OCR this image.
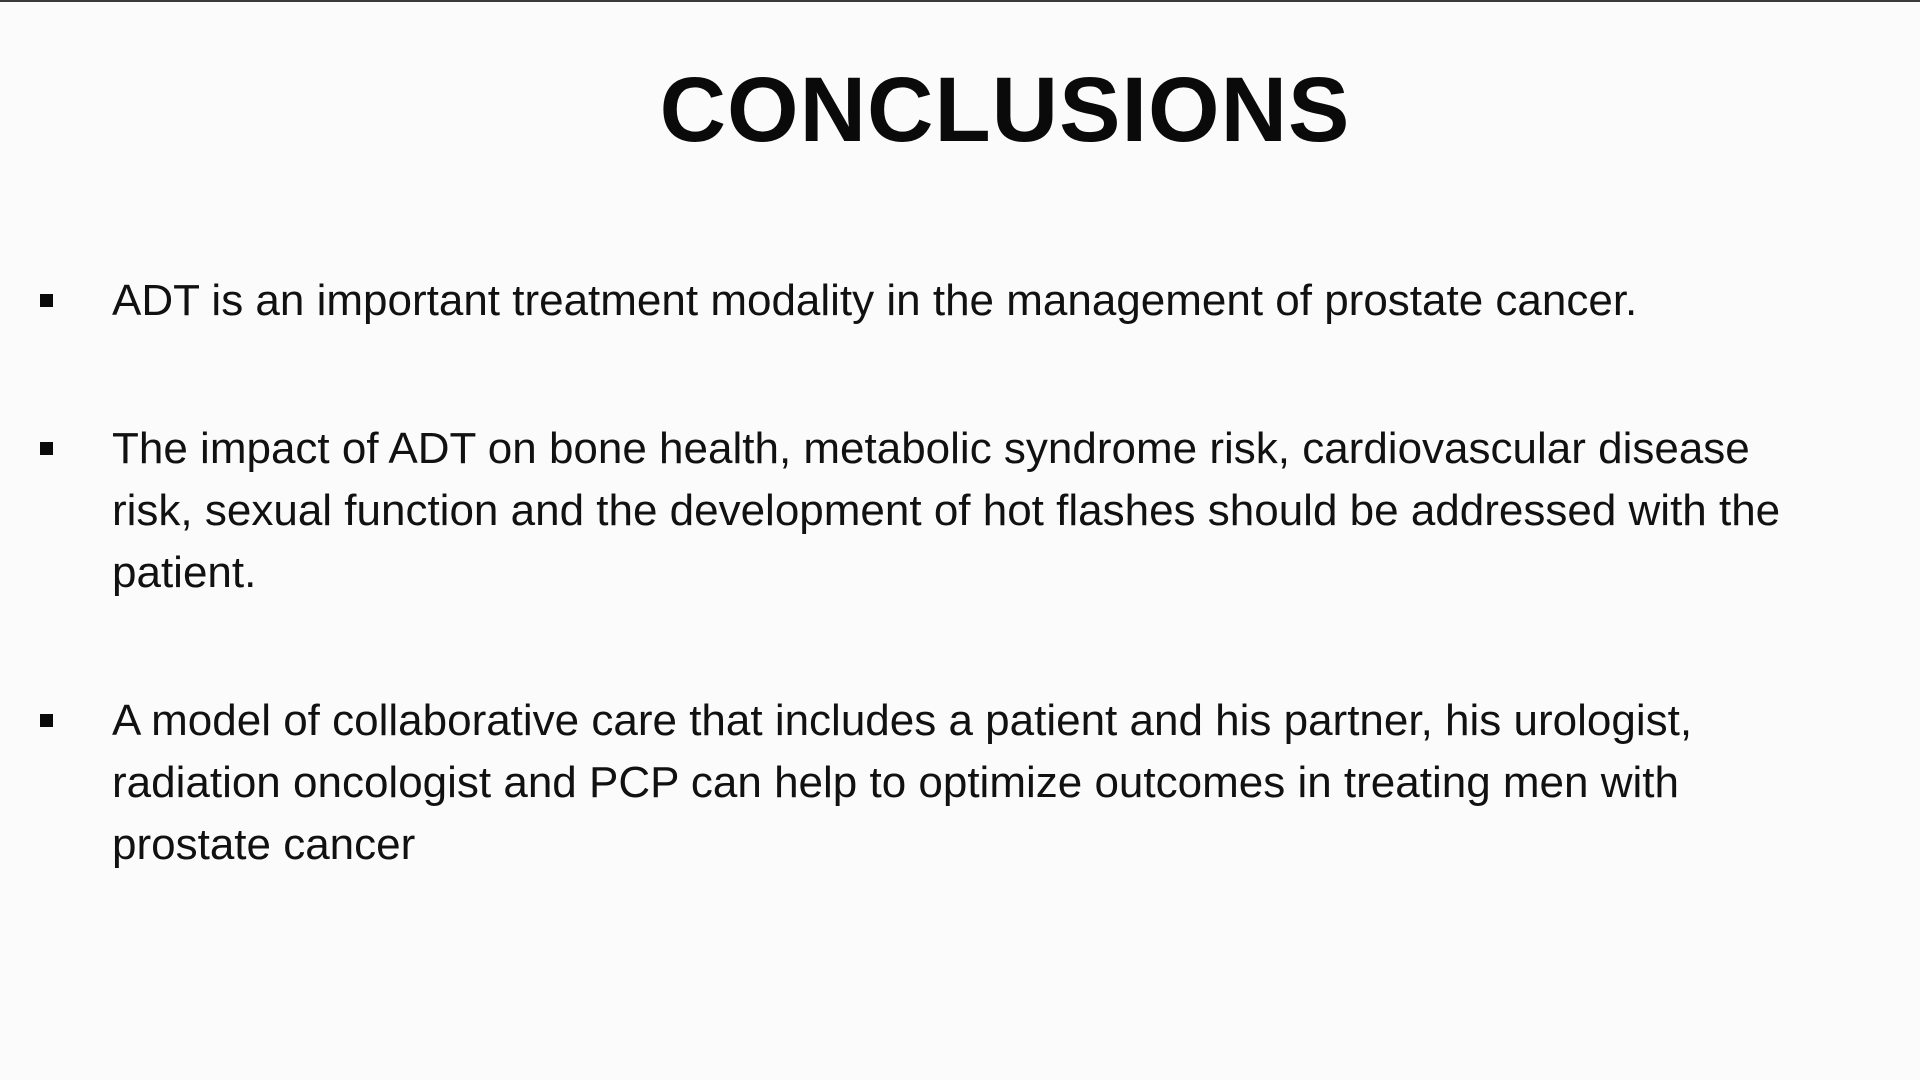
CONCLUSIONS
ADT is an important treatment modality in the management of prostate cancer.
The impact of ADT on bone health, metabolic syndrome risk, cardiovascular disease
risk, sexual function and the development of hot flashes should be addressed with the
patient.
A model of collaborative care that includes a patient and his partner, his urologist,
radiation oncologist and PCP can help to optimize outcomes in treating men with
prostate cancer
